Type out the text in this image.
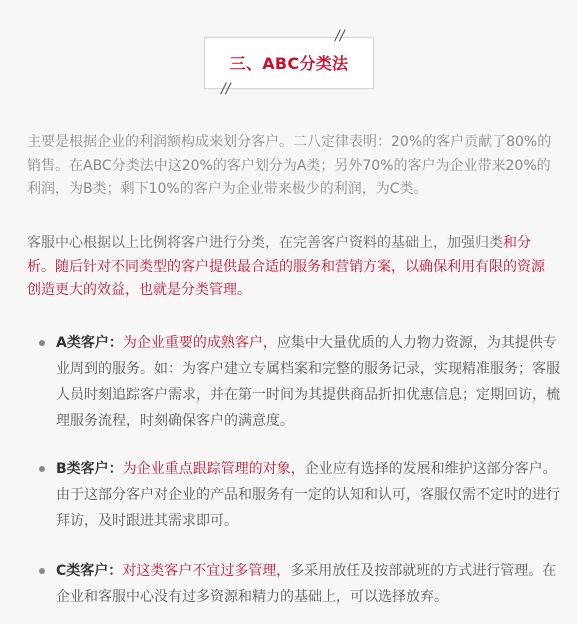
三、ABC分类法
//
//

主要是根据企业的利润额构成来划分客户。二八定律表明：20%的客户贡献了80%的销售。在ABC分类法中这20%的客户划分为A类；另外70%的客户为企业带来20%的利润，为B类；剩下10%的客户为企业带来极少的利润，为C类。

客服中心根据以上比例将客户进行分类，在完善客户资料的基础上，加强归类和分析。随后针对不同类型的客户提供最合适的服务和营销方案，以确保利用有限的资源创造更大的效益，也就是分类管理。

A类客户：为企业重要的成熟客户，应集中大量优质的人力物力资源，为其提供专业周到的服务。如：为客户建立专属档案和完整的服务记录，实现精准服务；客服人员时刻追踪客户需求，并在第一时间为其提供商品折扣优惠信息；定期回访，梳理服务流程，时刻确保客户的满意度。

B类客户：为企业重点跟踪管理的对象，企业应有选择的发展和维护这部分客户。由于这部分客户对企业的产品和服务有一定的认知和认可，客服仅需不定时的进行拜访，及时跟进其需求即可。

C类客户：对这类客户不宜过多管理，多采用放任及按部就班的方式进行管理。在企业和客服中心没有过多资源和精力的基础上，可以选择放弃。
